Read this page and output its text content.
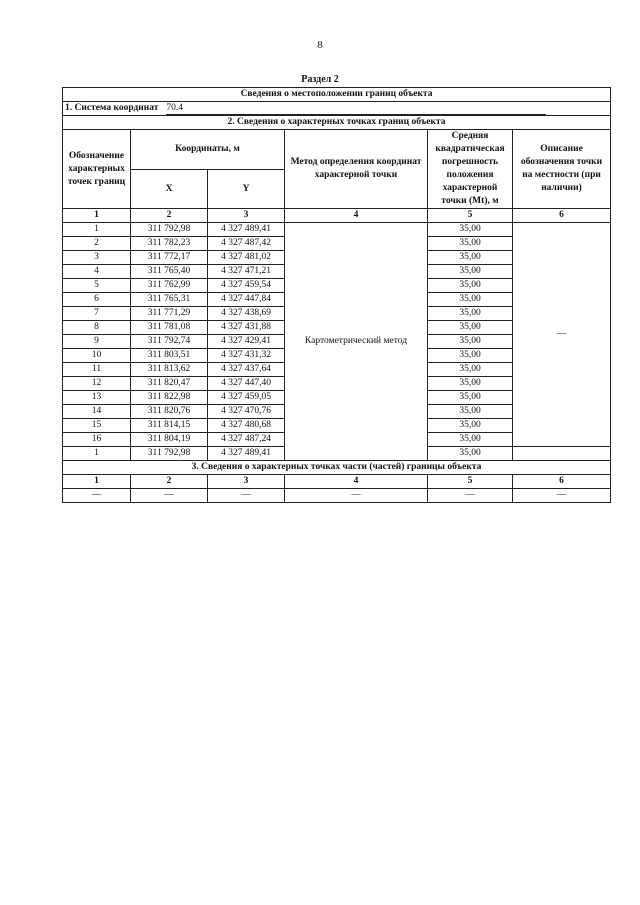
8
Раздел 2
Сведения о местоположении границ объекта					
1. Система координат 70.4					
2. Сведения о характерных точках границ объекта					
Обозначение характерных точек границ	Координаты, м		Метод определения координат характерной точки	Средняя квадратическая погрешность положения характерной точки (Mt), м	Описание обозначения точки на местности (при наличии)
	X	Y			
1	2	3	4	5	6
1	311 792,98	4 327 489,41	Картометрический метод	35,00	—
2	311 782,23	4 327 487,42		35,00	
3	311 772,17	4 327 481,02		35,00	
4	311 765,40	4 327 471,21		35,00	
5	311 762,99	4 327 459,54		35,00	
6	311 765,31	4 327 447,84		35,00	
7	311 771,29	4 327 438,69		35,00	
8	311 781,08	4 327 431,88		35,00	
9	311 792,74	4 327 429,41		35,00	
10	311 803,51	4 327 431,32		35,00	
11	311 813,62	4 327 437,64		35,00	
12	311 820,47	4 327 447,40		35,00	
13	311 822,98	4 327 459,05		35,00	
14	311 820,76	4 327 470,76		35,00	
15	311 814,15	4 327 480,68		35,00	
16	311 804,19	4 327 487,24		35,00	
1	311 792,98	4 327 489,41		35,00	
3. Сведения о характерных точках части (частей) границы объекта					
1	2	3	4	5	6
—	—	—	—	—	—
